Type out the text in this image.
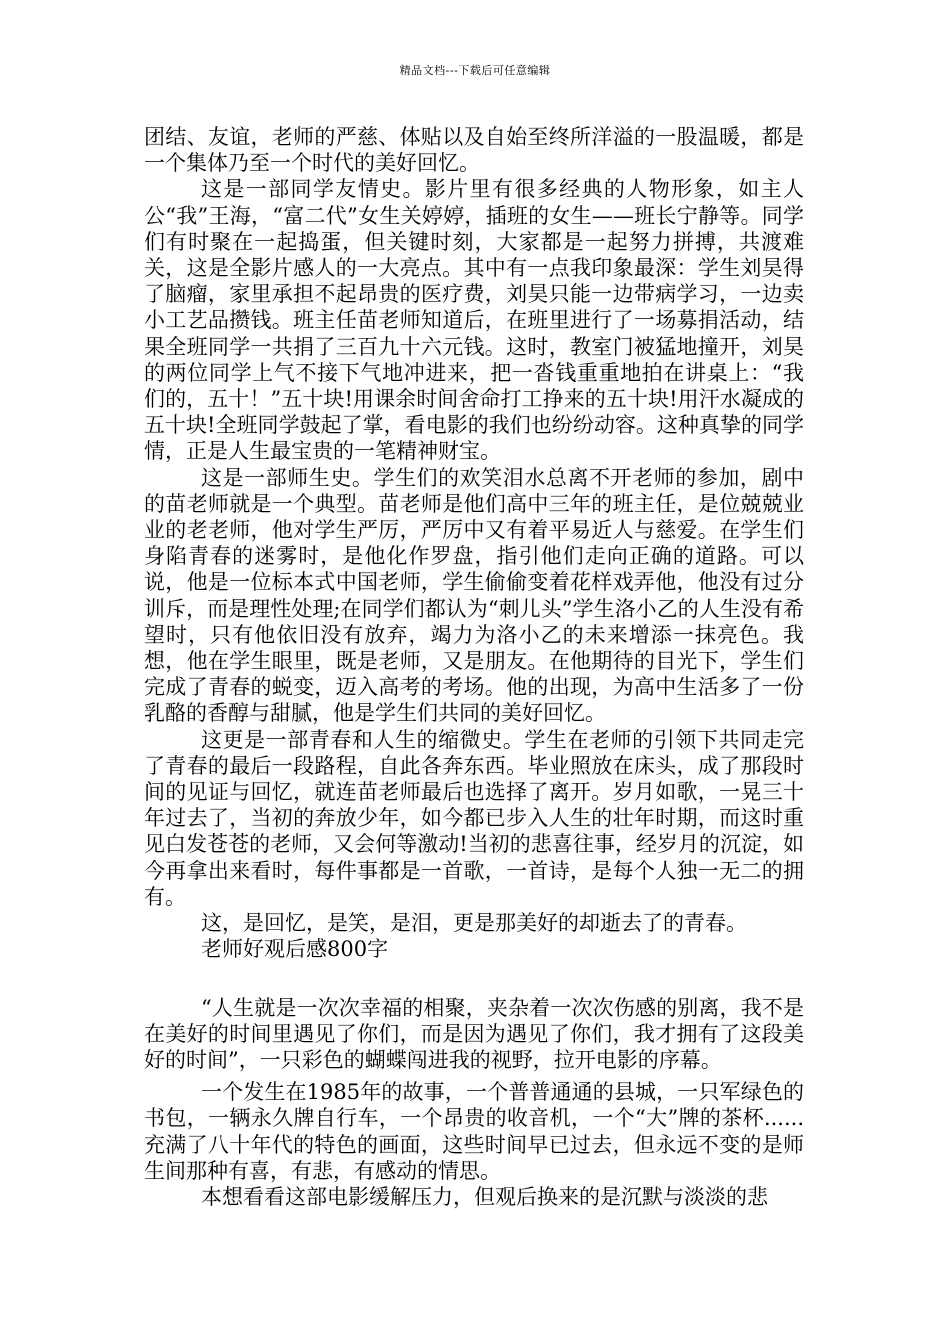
精品文档---下载后可任意编辑

团结、友谊，老师的严慈、体贴以及自始至终所洋溢的一股温暖，都是一个集体乃至一个时代的美好回忆。

这是一部同学友情史。影片里有很多经典的人物形象，如主人公“我”王海，“富二代”女生关婷婷，插班的女生——班长宁静等。同学们有时聚在一起捣蛋，但关键时刻，大家都是一起努力拼搏，共渡难关，这是全影片感人的一大亮点。其中有一点我印象最深：学生刘昊得了脑瘤，家里承担不起昂贵的医疗费，刘昊只能一边带病学习，一边卖小工艺品攒钱。班主任苗老师知道后，在班里进行了一场募捐活动，结果全班同学一共捐了三百九十六元钱。这时，教室门被猛地撞开，刘昊的两位同学上气不接下气地冲进来，把一沓钱重重地拍在讲桌上：“我们的，五十！”五十块!用课余时间舍命打工挣来的五十块!用汗水凝成的五十块!全班同学鼓起了掌，看电影的我们也纷纷动容。这种真挚的同学情，正是人生最宝贵的一笔精神财宝。

这是一部师生史。学生们的欢笑泪水总离不开老师的参加，剧中的苗老师就是一个典型。苗老师是他们高中三年的班主任，是位兢兢业业的老老师，他对学生严厉，严厉中又有着平易近人与慈爱。在学生们身陷青春的迷雾时，是他化作罗盘，指引他们走向正确的道路。可以说，他是一位标本式中国老师，学生偷偷变着花样戏弄他，他没有过分训斥，而是理性处理;在同学们都认为“刺儿头”学生洛小乙的人生没有希望时，只有他依旧没有放弃，竭力为洛小乙的未来增添一抹亮色。我想，他在学生眼里，既是老师，又是朋友。在他期待的目光下，学生们完成了青春的蜕变，迈入高考的考场。他的出现，为高中生活多了一份乳酪的香醇与甜腻，他是学生们共同的美好回忆。

这更是一部青春和人生的缩微史。学生在老师的引领下共同走完了青春的最后一段路程，自此各奔东西。毕业照放在床头，成了那段时间的见证与回忆，就连苗老师最后也选择了离开。岁月如歌，一晃三十年过去了，当初的奔放少年，如今都已步入人生的壮年时期，而这时重见白发苍苍的老师，又会何等激动!当初的悲喜往事，经岁月的沉淀，如今再拿出来看时，每件事都是一首歌，一首诗，是每个人独一无二的拥有。

这，是回忆，是笑，是泪，更是那美好的却逝去了的青春。

老师好观后感800字

“人生就是一次次幸福的相聚，夹杂着一次次伤感的别离，我不是在美好的时间里遇见了你们，而是因为遇见了你们，我才拥有了这段美好的时间”，一只彩色的蝴蝶闯进我的视野，拉开电影的序幕。

一个发生在1985年的故事，一个普普通通的县城，一只军绿色的书包，一辆永久牌自行车，一个昂贵的收音机，一个“大”牌的茶杯......充满了八十年代的特色的画面，这些时间早已过去，但永远不变的是师生间那种有喜，有悲，有感动的情思。

本想看看这部电影缓解压力，但观后换来的是沉默与淡淡的悲
